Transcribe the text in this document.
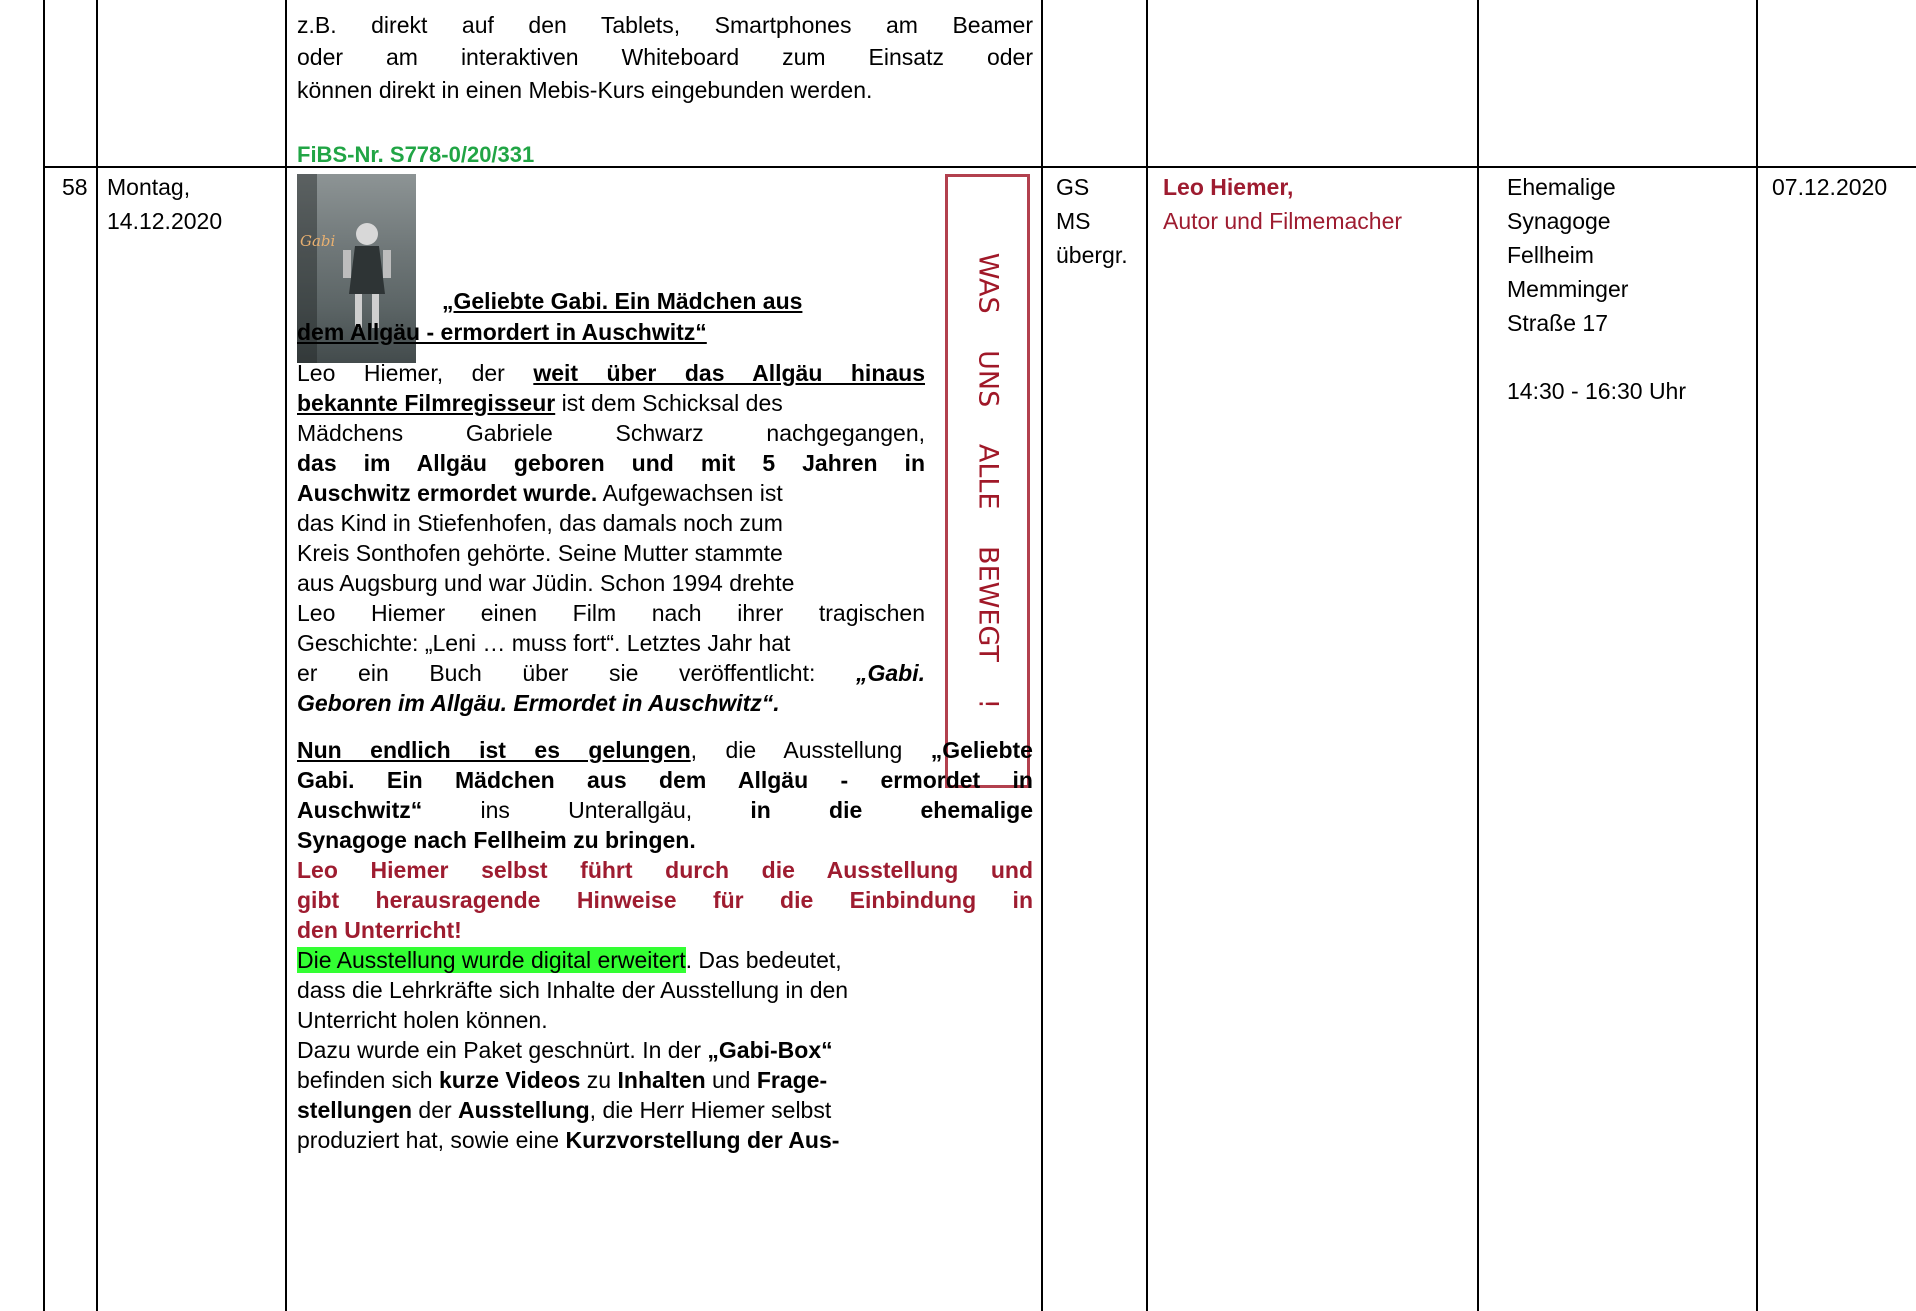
z.B. direkt auf den Tablets, Smartphones am Beamer
oder am interaktiven Whiteboard zum Einsatz oder
können direkt in einen Mebis-Kurs eingebunden werden.
FiBS-Nr. S778-0/20/331
58 Montag,
14.12.2020
Gabi
„Geliebte Gabi. Ein Mädchen aus
dem Allgäu - ermordert in Auschwitz“	WAS UNS ALLE BEWEGT !
Leo Hiemer, der weit über das Allgäu hinaus
bekannte Filmregisseur ist dem Schicksal des
Mädchens Gabriele Schwarz nachgegangen,
das im Allgäu geboren und mit 5 Jahren in
Auschwitz ermordet wurde. Aufgewachsen ist
das Kind in Stiefenhofen, das damals noch zum
Kreis Sonthofen gehörte. Seine Mutter stammte
aus Augsburg und war Jüdin. Schon 1994 drehte
Leo Hiemer einen Film nach ihrer tragischen
Geschichte: „Leni … muss fort“. Letztes Jahr hat
er ein Buch über sie veröffentlicht: „Gabi.
Geboren im Allgäu. Ermordet in Auschwitz“.
Nun endlich ist es gelungen, die Ausstellung „Geliebte
Gabi. Ein Mädchen aus dem Allgäu - ermordet in
Auschwitz“ ins Unterallgäu, in die ehemalige
Synagoge nach Fellheim zu bringen.
Leo Hiemer selbst führt durch die Ausstellung und
gibt herausragende Hinweise für die Einbindung in
den Unterricht!
Die Ausstellung wurde digital erweitert. Das bedeutet,
dass die Lehrkräfte sich Inhalte der Ausstellung in den
Unterricht holen können.
Dazu wurde ein Paket geschnürt. In der „Gabi-Box“
befinden sich kurze Videos zu Inhalten und Frage-
stellungen der Ausstellung, die Herr Hiemer selbst
produziert hat, sowie eine Kurzvorstellung der Aus-
GS
MS
übergr.
Leo Hiemer,
Autor und Filmemacher
Ehemalige
Synagoge
Fellheim
Memminger
Straße 17
14:30 - 16:30 Uhr
07.12.2020
